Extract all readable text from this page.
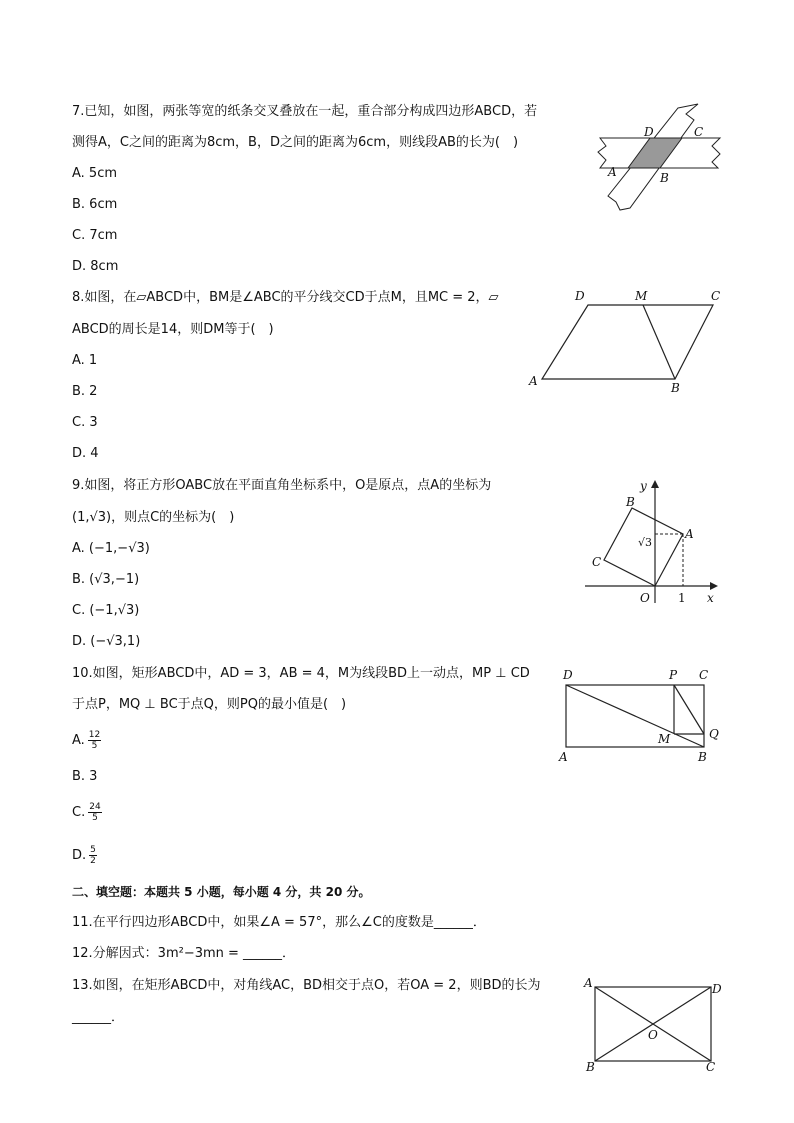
7.已知，如图，两张等宽的纸条交叉叠放在一起，重合部分构成四边形ABCD，若
测得A，C之间的距离为8cm，B，D之间的距离为6cm，则线段AB的长为(　)
A. 5cm
B. 6cm
C. 7cm
D. 8cm
D	C
A	B
8.如图，在▱ABCD中，BM是∠ABC的平分线交CD于点M，且MC = 2，▱
ABCD的周长是14，则DM等于(　)
A. 1
B. 2
C. 3
D. 4
D	M	C
A	B
9.如图，将正方形OABC放在平面直角坐标系中，O是原点，点A的坐标为
(1,√3)，则点C的坐标为(　)
A. (−1,−√3)
B. (√3,−1)
C. (−1,√3)
D. (−√3,1)
y
x
O 1
A
B
C
√3
10.如图，矩形ABCD中，AD = 3，AB = 4，M为线段BD上一动点，MP ⊥ CD
于点P，MQ ⊥ BC于点Q，则PQ的最小值是(　)
A. $\frac{12}{5}$
B. 3
C. $\frac{24}{5}$
D. $\frac{5}{2}$
D	P C
M	Q
A	B
二、填空题：本题共 5 小题，每小题 4 分，共 20 分。
11.在平行四边形ABCD中，如果∠A = 57°，那么∠C的度数是______．
12.分解因式：3m²−3mn = ______．
13.如图，在矩形ABCD中，对角线AC，BD相交于点O，若OA = 2，则BD的长为
______．
A	D
O
B	C
